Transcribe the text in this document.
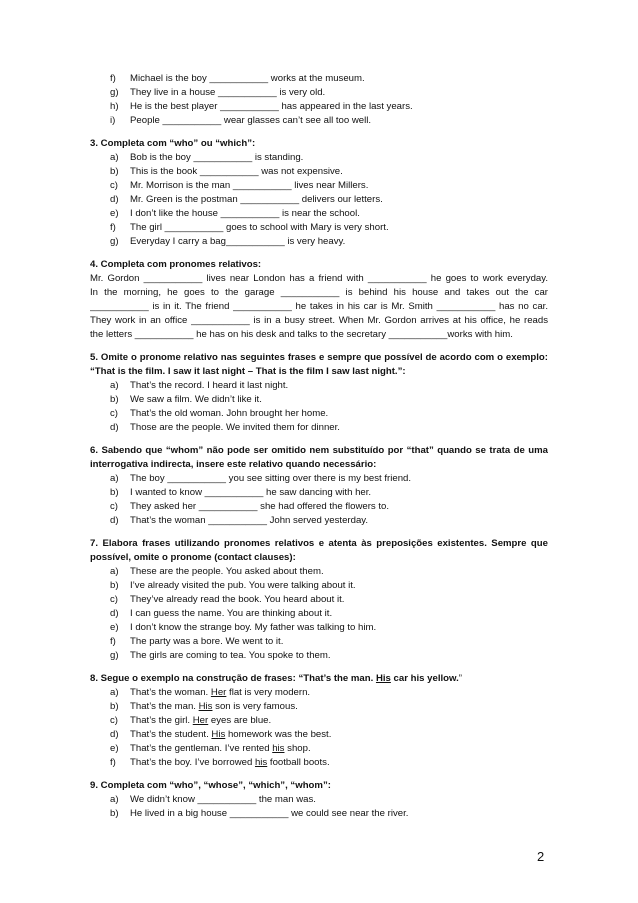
f)	Michael is the boy ___________ works at the museum.
g)	They live in a house ___________ is very old.
h)	He is the best player ___________ has appeared in the last years.
i)	People ___________ wear glasses can’t see all too well.
3. Completa com “who” ou “which”:
a)	Bob is the boy ___________ is standing.
b)	This is the book ___________ was not expensive.
c)	Mr. Morrison is the man ___________ lives near Millers.
d)	Mr. Green is the postman ___________ delivers our letters.
e)	I don’t like the house ___________ is near the school.
f)	The girl ___________ goes to school with Mary is very short.
g)	Everyday I carry a bag___________ is very heavy.
4. Completa com pronomes relativos:
Mr. Gordon ___________ lives near London has a friend with ___________ he goes to work everyday.
In the morning, he goes to the garage ___________ is behind his house and takes out the car
___________ is in it. The friend ___________ he takes in his car is Mr. Smith ___________ has no car.
They work in an office ___________ is in a busy street. When Mr. Gordon arrives at his office, he reads
the letters ___________ he has on his desk and talks to the secretary ___________works with him.
5. Omite o pronome relativo nas seguintes frases e sempre que possível de acordo com o exemplo:
“That is the film. I saw it last night – That is the film I saw last night.”:
a)	That’s the record. I heard it last night.
b)	We saw a film. We didn’t like it.
c)	That’s the old woman. John brought her home.
d)	Those are the people. We invited them for dinner.
6. Sabendo que “whom” não pode ser omitido nem substituído por “that” quando se trata de uma
interrogativa indirecta, insere este relativo quando necessário:
a)	The boy ___________ you see sitting over there is my best friend.
b)	I wanted to know ___________ he saw dancing with her.
c)	They asked her ___________ she had offered the flowers to.
d)	That’s the woman ___________ John served yesterday.
7. Elabora frases utilizando pronomes relativos e atenta às preposições existentes. Sempre que
possível, omite o pronome (contact clauses):
a)	These are the people. You asked about them.
b)	I’ve already visited the pub. You were talking about it.
c)	They’ve already read the book. You heard about it.
d)	I can guess the name. You are thinking about it.
e)	I don’t know the strange boy. My father was talking to him.
f)	The party was a bore. We went to it.
g)	The girls are coming to tea. You spoke to them.
8. Segue o exemplo na construção de frases: “That’s the man. His car his yellow.”
a)	That’s the woman. Her flat is very modern.
b)	That’s the man. His son is very famous.
c)	That’s the girl. Her eyes are blue.
d)	That’s the student. His homework was the best.
e)	That’s the gentleman. I’ve rented his shop.
f)	That’s the boy. I’ve borrowed his football boots.
9. Completa com “who”, “whose”, “which”, “whom”:
a)	We didn’t know ___________ the man was.
b)	He lived in a big house ___________ we could see near the river.
2
